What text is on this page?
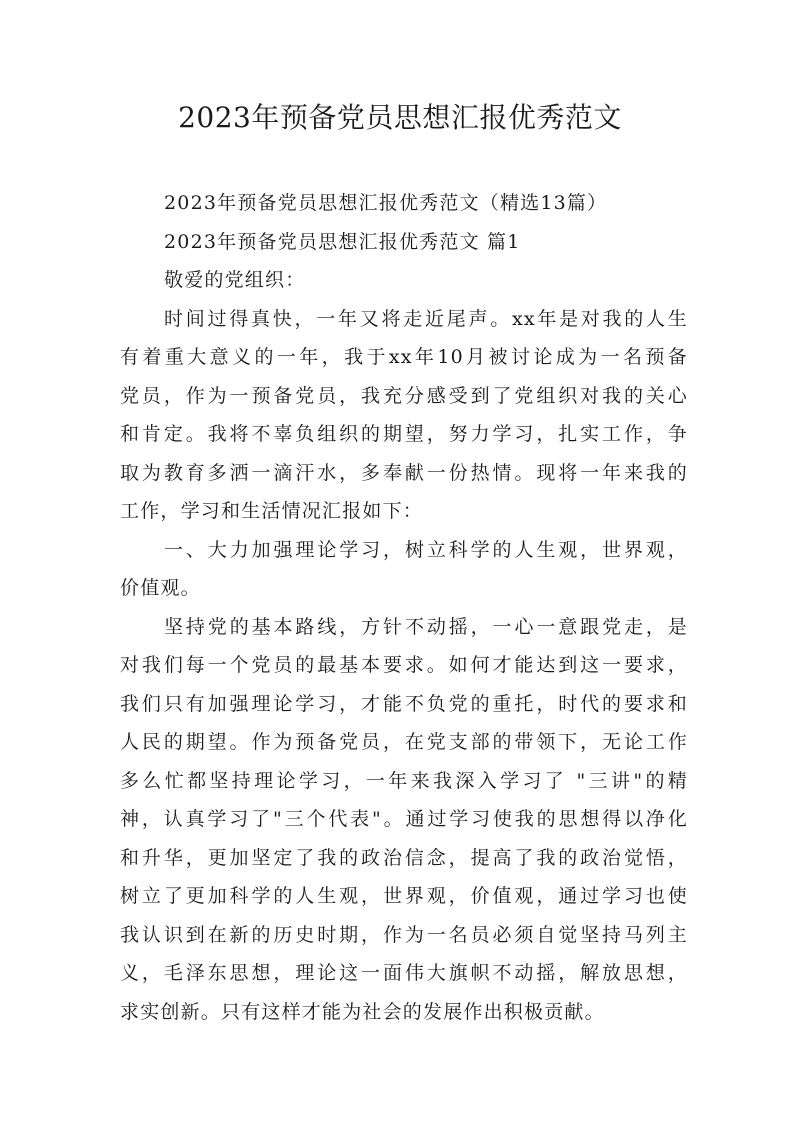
2023年预备党员思想汇报优秀范文
2023年预备党员思想汇报优秀范文（精选13篇）
2023年预备党员思想汇报优秀范文 篇1
敬爱的党组织：
时间过得真快，一年又将走近尾声。xx年是对我的人生
有着重大意义的一年，我于xx年10月被讨论成为一名预备
党员，作为一预备党员，我充分感受到了党组织对我的关心
和肯定。我将不辜负组织的期望，努力学习，扎实工作，争
取为教育多洒一滴汗水，多奉献一份热情。现将一年来我的
工作，学习和生活情况汇报如下：
一、大力加强理论学习，树立科学的人生观，世界观，
价值观。
坚持党的基本路线，方针不动摇，一心一意跟党走，是
对我们每一个党员的最基本要求。如何才能达到这一要求，
我们只有加强理论学习，才能不负党的重托，时代的要求和
人民的期望。作为预备党员，在党支部的带领下，无论工作
多么忙都坚持理论学习，一年来我深入学习了 "三讲"的精
神，认真学习了"三个代表"。通过学习使我的思想得以净化
和升华，更加坚定了我的政治信念，提高了我的政治觉悟，
树立了更加科学的人生观，世界观，价值观，通过学习也使
我认识到在新的历史时期，作为一名员必须自觉坚持马列主
义，毛泽东思想，理论这一面伟大旗帜不动摇，解放思想，
求实创新。只有这样才能为社会的发展作出积极贡献。
